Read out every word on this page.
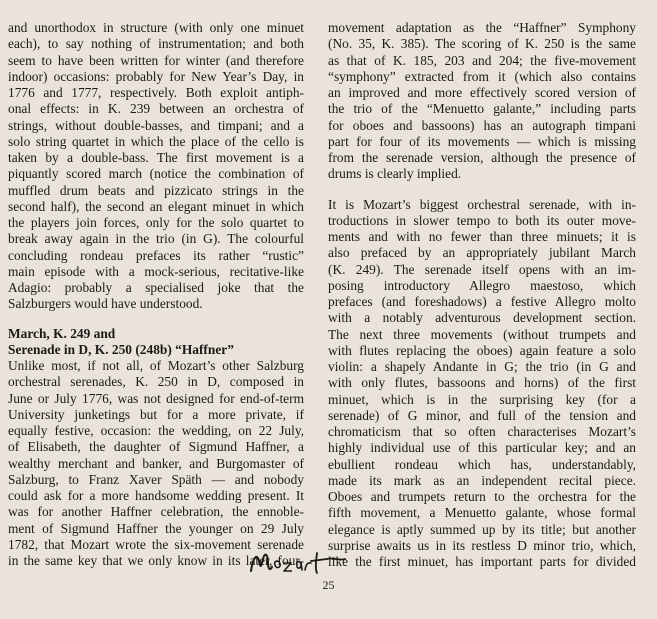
and unorthodox in structure (with only one minuet
each), to say nothing of instrumentation; and both
seem to have been written for winter (and therefore
indoor) occasions: probably for New Year’s Day, in
1776 and 1777, respectively. Both exploit antiph-
onal effects: in K. 239 between an orchestra of
strings, without double-basses, and timpani; and a
solo string quartet in which the place of the cello is
taken by a double-bass. The first movement is a
piquantly scored march (notice the combination of
muffled drum beats and pizzicato strings in the
second half), the second an elegant minuet in which
the players join forces, only for the solo quartet to
break away again in the trio (in G). The colourful
concluding rondeau prefaces its rather “rustic”
main episode with a mock-serious, recitative-like
Adagio: probably a specialised joke that the
Salzburgers would have understood.
March, K. 249 and
Serenade in D, K. 250 (248b) “Haffner”
Unlike most, if not all, of Mozart’s other Salzburg
orchestral serenades, K. 250 in D, composed in
June or July 1776, was not designed for end-of-term
University junketings but for a more private, if
equally festive, occasion: the wedding, on 22 July,
of Elisabeth, the daughter of Sigmund Haffner, a
wealthy merchant and banker, and Burgomaster of
Salzburg, to Franz Xaver Späth — and nobody
could ask for a more handsome wedding present. It
was for another Haffner celebration, the ennoble-
ment of Sigmund Haffner the younger on 29 July
1782, that Mozart wrote the six-movement serenade
in the same key that we only know in its later, four-
movement adaptation as the “Haffner” Symphony
(No. 35, K. 385). The scoring of K. 250 is the same
as that of K. 185, 203 and 204; the five-movement
“symphony” extracted from it (which also contains
an improved and more effectively scored version of
the trio of the “Menuetto galante,” including parts
for oboes and bassoons) has an autograph timpani
part for four of its movements — which is missing
from the serenade version, although the presence of
drums is clearly implied.
It is Mozart’s biggest orchestral serenade, with in-
troductions in slower tempo to both its outer move-
ments and with no fewer than three minuets; it is
also prefaced by an appropriately jubilant March
(K. 249). The serenade itself opens with an im-
posing introductory Allegro maestoso, which
prefaces (and foreshadows) a festive Allegro molto
with a notably adventurous development section.
The next three movements (without trumpets and
with flutes replacing the oboes) again feature a solo
violin: a shapely Andante in G; the trio (in G and
with only flutes, bassoons and horns) of the first
minuet, which is in the surprising key (for a
serenade) of G minor, and full of the tension and
chromaticism that so often characterises Mozart’s
highly individual use of this particular key; and an
ebullient rondeau which has, understandably,
made its mark as an independent recital piece.
Oboes and trumpets return to the orchestra for the
fifth movement, a Menuetto galante, whose formal
elegance is aptly summed up by its title; but another
surprise awaits us in its restless D minor trio, which,
like the first minuet, has important parts for divided
25
